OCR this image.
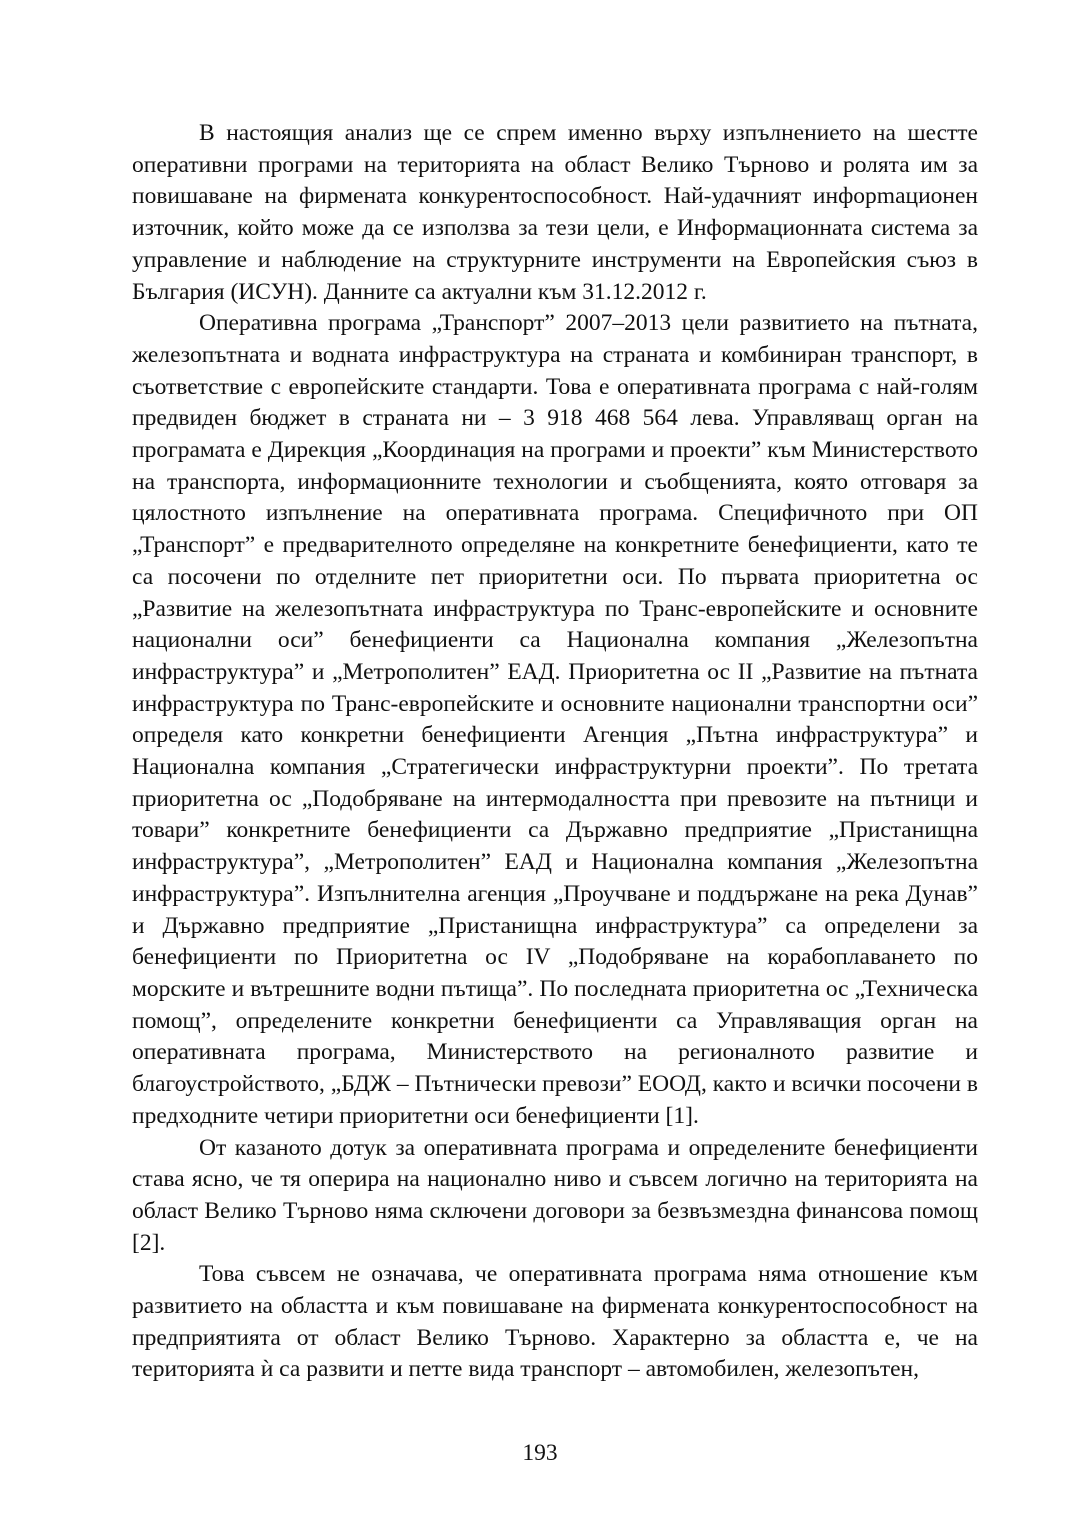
В настоящия анализ ще се спрем именно върху изпълнението на шестте оперативни програми на територията на област Велико Търново и ролята им за повишаване на фирмената конкурентоспособност. Най-удачният инфорmационен източник, който може да се използва за тези цели, е Информационната система за управление и наблюдение на структурните инструменти на Европейския съюз в България (ИСУН). Данните са актуални към 31.12.2012 г.

Оперативна програма „Транспорт” 2007–2013 цели развитието на пътната, железопътната и водната инфраструктура на страната и комбиниран транспорт, в съответствие с европейските стандарти. Това е оперативната програма с най-голям предвиден бюджет в страната ни – 3 918 468 564 лева. Управляващ орган на програмата е Дирекция „Координация на програми и проекти” към Министерството на транспорта, информационните технологии и съобщенията, която отговаря за цялостното изпълнение на оперативната програма. Специфичното при ОП „Транспорт” е предварителното определяне на конкретните бенефициенти, като те са посочени по отделните пет приоритетни оси. По първата приоритетна ос „Развитие на железопътната инфраструктура по Транс-европейските и основните национални оси” бенефициенти са Национална компания „Железопътна инфраструктура” и „Метрополитен” ЕАД. Приоритетна ос II „Развитие на пътната инфраструктура по Транс-европейските и основните национални транспортни оси” определя като конкретни бенефициенти Агенция „Пътна инфраструктура” и Национална компания „Стратегически инфраструктурни проекти”. По третата приоритетна ос „Подобряване на интермодалността при превозите на пътници и товари” конкретните бенефициенти са Държавно предприятие „Пристанищна инфраструктура”, „Метрополитен” ЕАД и Национална компания „Железопътна инфраструктура”. Изпълнителна агенция „Проучване и поддържане на река Дунав” и Държавно предприятие „Пристанищна инфраструктура” са определени за бенефициенти по Приоритетна ос IV „Подобряване на корабоплаването по морските и вътрешните водни пътища”. По последната приоритетна ос „Техническа помощ”, определените конкретни бенефициенти са Управляващия орган на оперативната програма, Министерството на регионалното развитие и благоустройството, „БДЖ – Пътнически превози” ЕООД, както и всички посочени в предходните четири приоритетни оси бенефициенти [1].

От казаното дотук за оперативната програма и определените бенефициенти става ясно, че тя оперира на национално ниво и съвсем логично на територията на област Велико Търново няма сключени договори за безвъзмездна финансова помощ [2].

Това съвсем не означава, че оперативната програма няма отношение към развитието на областта и към повишаване на фирмената конкурентоспособност на предприятията от област Велико Търново. Характерно за областта е, че на територията ѝ са развити и петте вида транспорт – автомобилен, железопътен,

193
